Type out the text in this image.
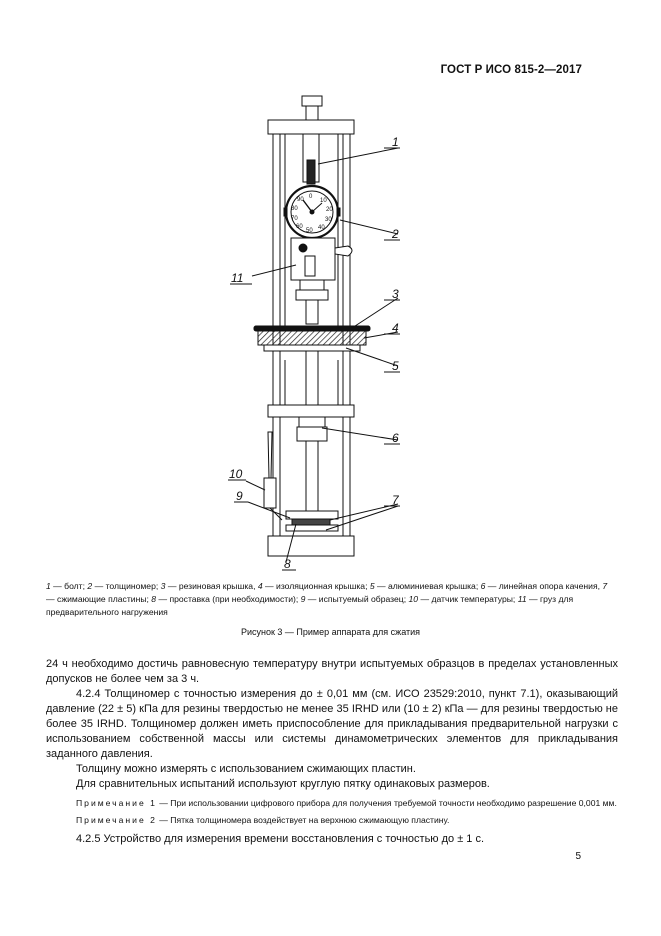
ГОСТ Р ИСО 815-2—2017
0
10
20
30
40
50
60
70
80
90
1
2
3
4
5
6
7
8
9
10
11
1 — болт; 2 — толщиномер; 3 — резиновая крышка, 4 — изоляционная крышка; 5 — алюминиевая крышка; 6 — линейная опора качения, 7 — сжимающие пластины; 8 — проставка (при необходимости); 9 — испытуемый образец; 10 — датчик температуры; 11 — груз для предварительного нагружения
Рисунок 3 — Пример аппарата для сжатия

24 ч необходимо достичь равновесную температуру внутри испытуемых образцов в пределах установленных допусков не более чем за 3 ч.

4.2.4 Толщиномер с точностью измерения до ± 0,01 мм (см. ИСО 23529:2010, пункт 7.1), оказывающий давление (22 ± 5) кПа для резины твердостью не менее 35 IRHD или (10 ± 2) кПа — для резины твердостью не более 35 IRHD. Толщиномер должен иметь приспособление для прикладывания предварительной нагрузки с использованием собственной массы или системы динамометрических элементов для прикладывания заданного давления.

Толщину можно измерять с использованием сжимающих пластин.

Для сравнительных испытаний используют круглую пятку одинаковых размеров.

Примечание 1 — При использовании цифрового прибора для получения требуемой точности необходимо разрешение 0,001 мм.

Примечание 2 — Пятка толщиномера воздействует на верхнюю сжимающую пластину.

4.2.5 Устройство для измерения времени восстановления с точностью до ± 1 с.

5
